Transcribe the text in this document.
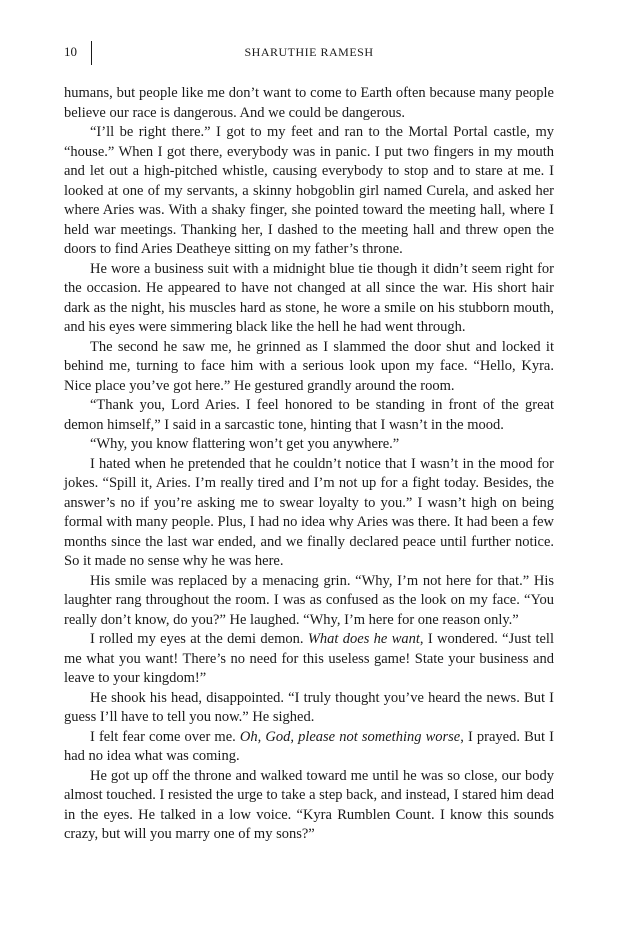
10	SHARUTHIE RAMESH

humans, but people like me don’t want to come to Earth often because many people believe our race is dangerous. And we could be dangerous.

“I’ll be right there.” I got to my feet and ran to the Mortal Portal castle, my “house.” When I got there, everybody was in panic. I put two fingers in my mouth and let out a high-pitched whistle, causing everybody to stop and to stare at me. I looked at one of my servants, a skinny hobgoblin girl named Curela, and asked her where Aries was. With a shaky finger, she pointed toward the meeting hall, where I held war meetings. Thanking her, I dashed to the meeting hall and threw open the doors to find Aries Deatheye sitting on my father’s throne.

He wore a business suit with a midnight blue tie though it didn’t seem right for the occasion. He appeared to have not changed at all since the war. His short hair dark as the night, his muscles hard as stone, he wore a smile on his stubborn mouth, and his eyes were simmering black like the hell he had went through.

The second he saw me, he grinned as I slammed the door shut and locked it behind me, turning to face him with a serious look upon my face. “Hello, Kyra. Nice place you’ve got here.” He gestured grandly around the room.

“Thank you, Lord Aries. I feel honored to be standing in front of the great demon himself,” I said in a sarcastic tone, hinting that I wasn’t in the mood.

“Why, you know flattering won’t get you anywhere.”

I hated when he pretended that he couldn’t notice that I wasn’t in the mood for jokes. “Spill it, Aries. I’m really tired and I’m not up for a fight today. Besides, the answer’s no if you’re asking me to swear loyalty to you.” I wasn’t high on being formal with many people. Plus, I had no idea why Aries was there. It had been a few months since the last war ended, and we finally declared peace until further notice. So it made no sense why he was here.

His smile was replaced by a menacing grin. “Why, I’m not here for that.” His laughter rang throughout the room. I was as confused as the look on my face. “You really don’t know, do you?” He laughed. “Why, I’m here for one reason only.”

I rolled my eyes at the demi demon. What does he want, I wondered. “Just tell me what you want! There’s no need for this useless game! State your business and leave to your kingdom!”

He shook his head, disappointed. “I truly thought you’ve heard the news. But I guess I’ll have to tell you now.” He sighed.

I felt fear come over me. Oh, God, please not something worse, I prayed. But I had no idea what was coming.

He got up off the throne and walked toward me until he was so close, our body almost touched. I resisted the urge to take a step back, and instead, I stared him dead in the eyes. He talked in a low voice. “Kyra Rumblen Count. I know this sounds crazy, but will you marry one of my sons?”
